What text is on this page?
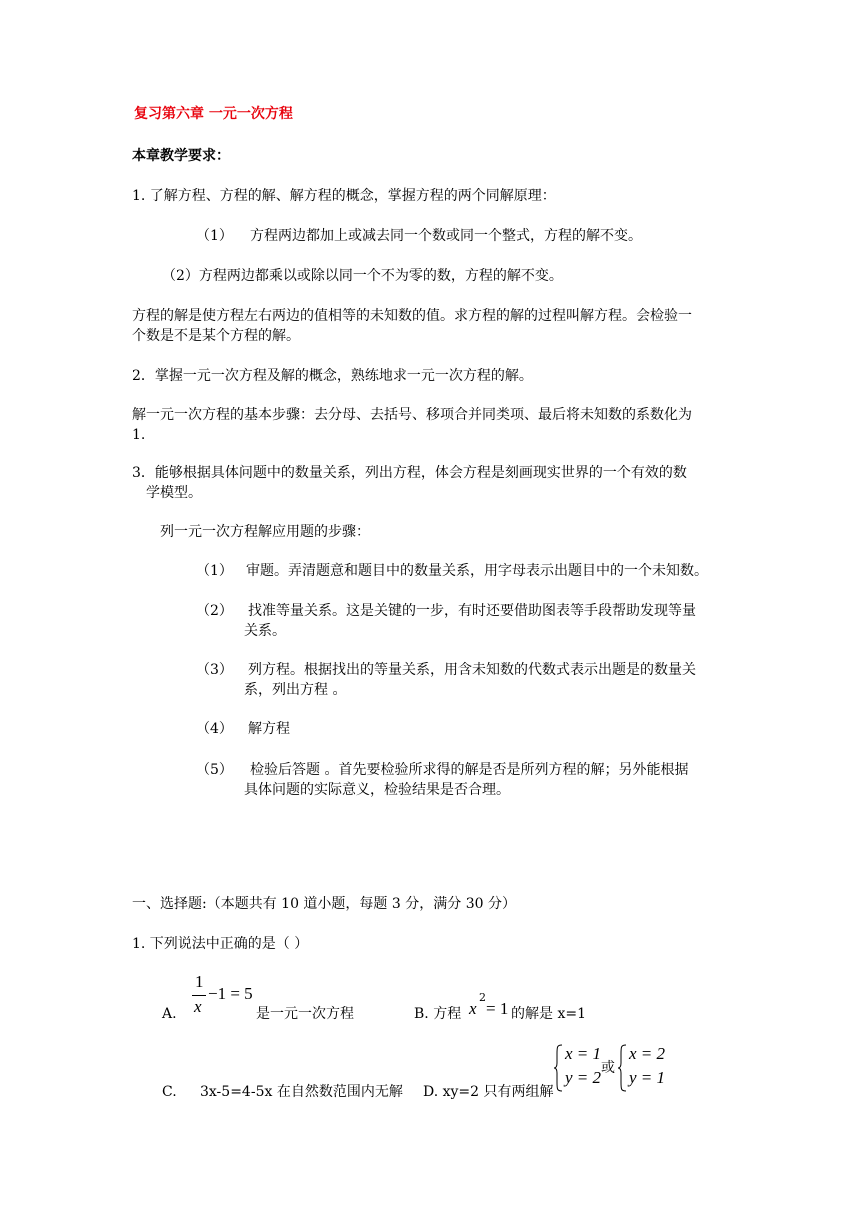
复习第六章 一元一次方程
本章教学要求：
1. 了解方程、方程的解、解方程的概念，掌握方程的两个同解原理：
（1） 方程两边都加上或减去同一个数或同一个整式，方程的解不变。
（2）方程两边都乘以或除以同一个不为零的数，方程的解不变。
方程的解是使方程左右两边的值相等的未知数的值。求方程的解的过程叫解方程。会检验一
个数是不是某个方程的解。
2．掌握一元一次方程及解的概念，熟练地求一元一次方程的解。
解一元一次方程的基本步骤：去分母、去括号、移项合并同类项、最后将未知数的系数化为
1.
3．能够根据具体问题中的数量关系，列出方程，体会方程是刻画现实世界的一个有效的数
学模型。
列一元一次方程解应用题的步骤：
（1） 审题。弄清题意和题目中的数量关系，用字母表示出题目中的一个未知数。
（2） 找准等量关系。这是关键的一步，有时还要借助图表等手段帮助发现等量
关系。
（3） 列方程。根据找出的等量关系，用含未知数的代数式表示出题是的数量关
系，列出方程 。
（4） 解方程
（5） 检验后答题 。首先要检验所求得的解是否是所列方程的解；另外能根据
具体问题的实际意义，检验结果是否合理。
一、选择题:（本题共有 10 道小题，每题 3 分，满分 30 分）
1. 下列说法中正确的是（ ）
A.
1
x
−1 = 5
是一元一次方程	B. 方程 x
2
= 1 的解是 x=1
C. 3x-5=4-5x 在自然数范围内无解 D. xy=2 只有两组解
x = 1
y = 2 或
x = 2
y = 1
